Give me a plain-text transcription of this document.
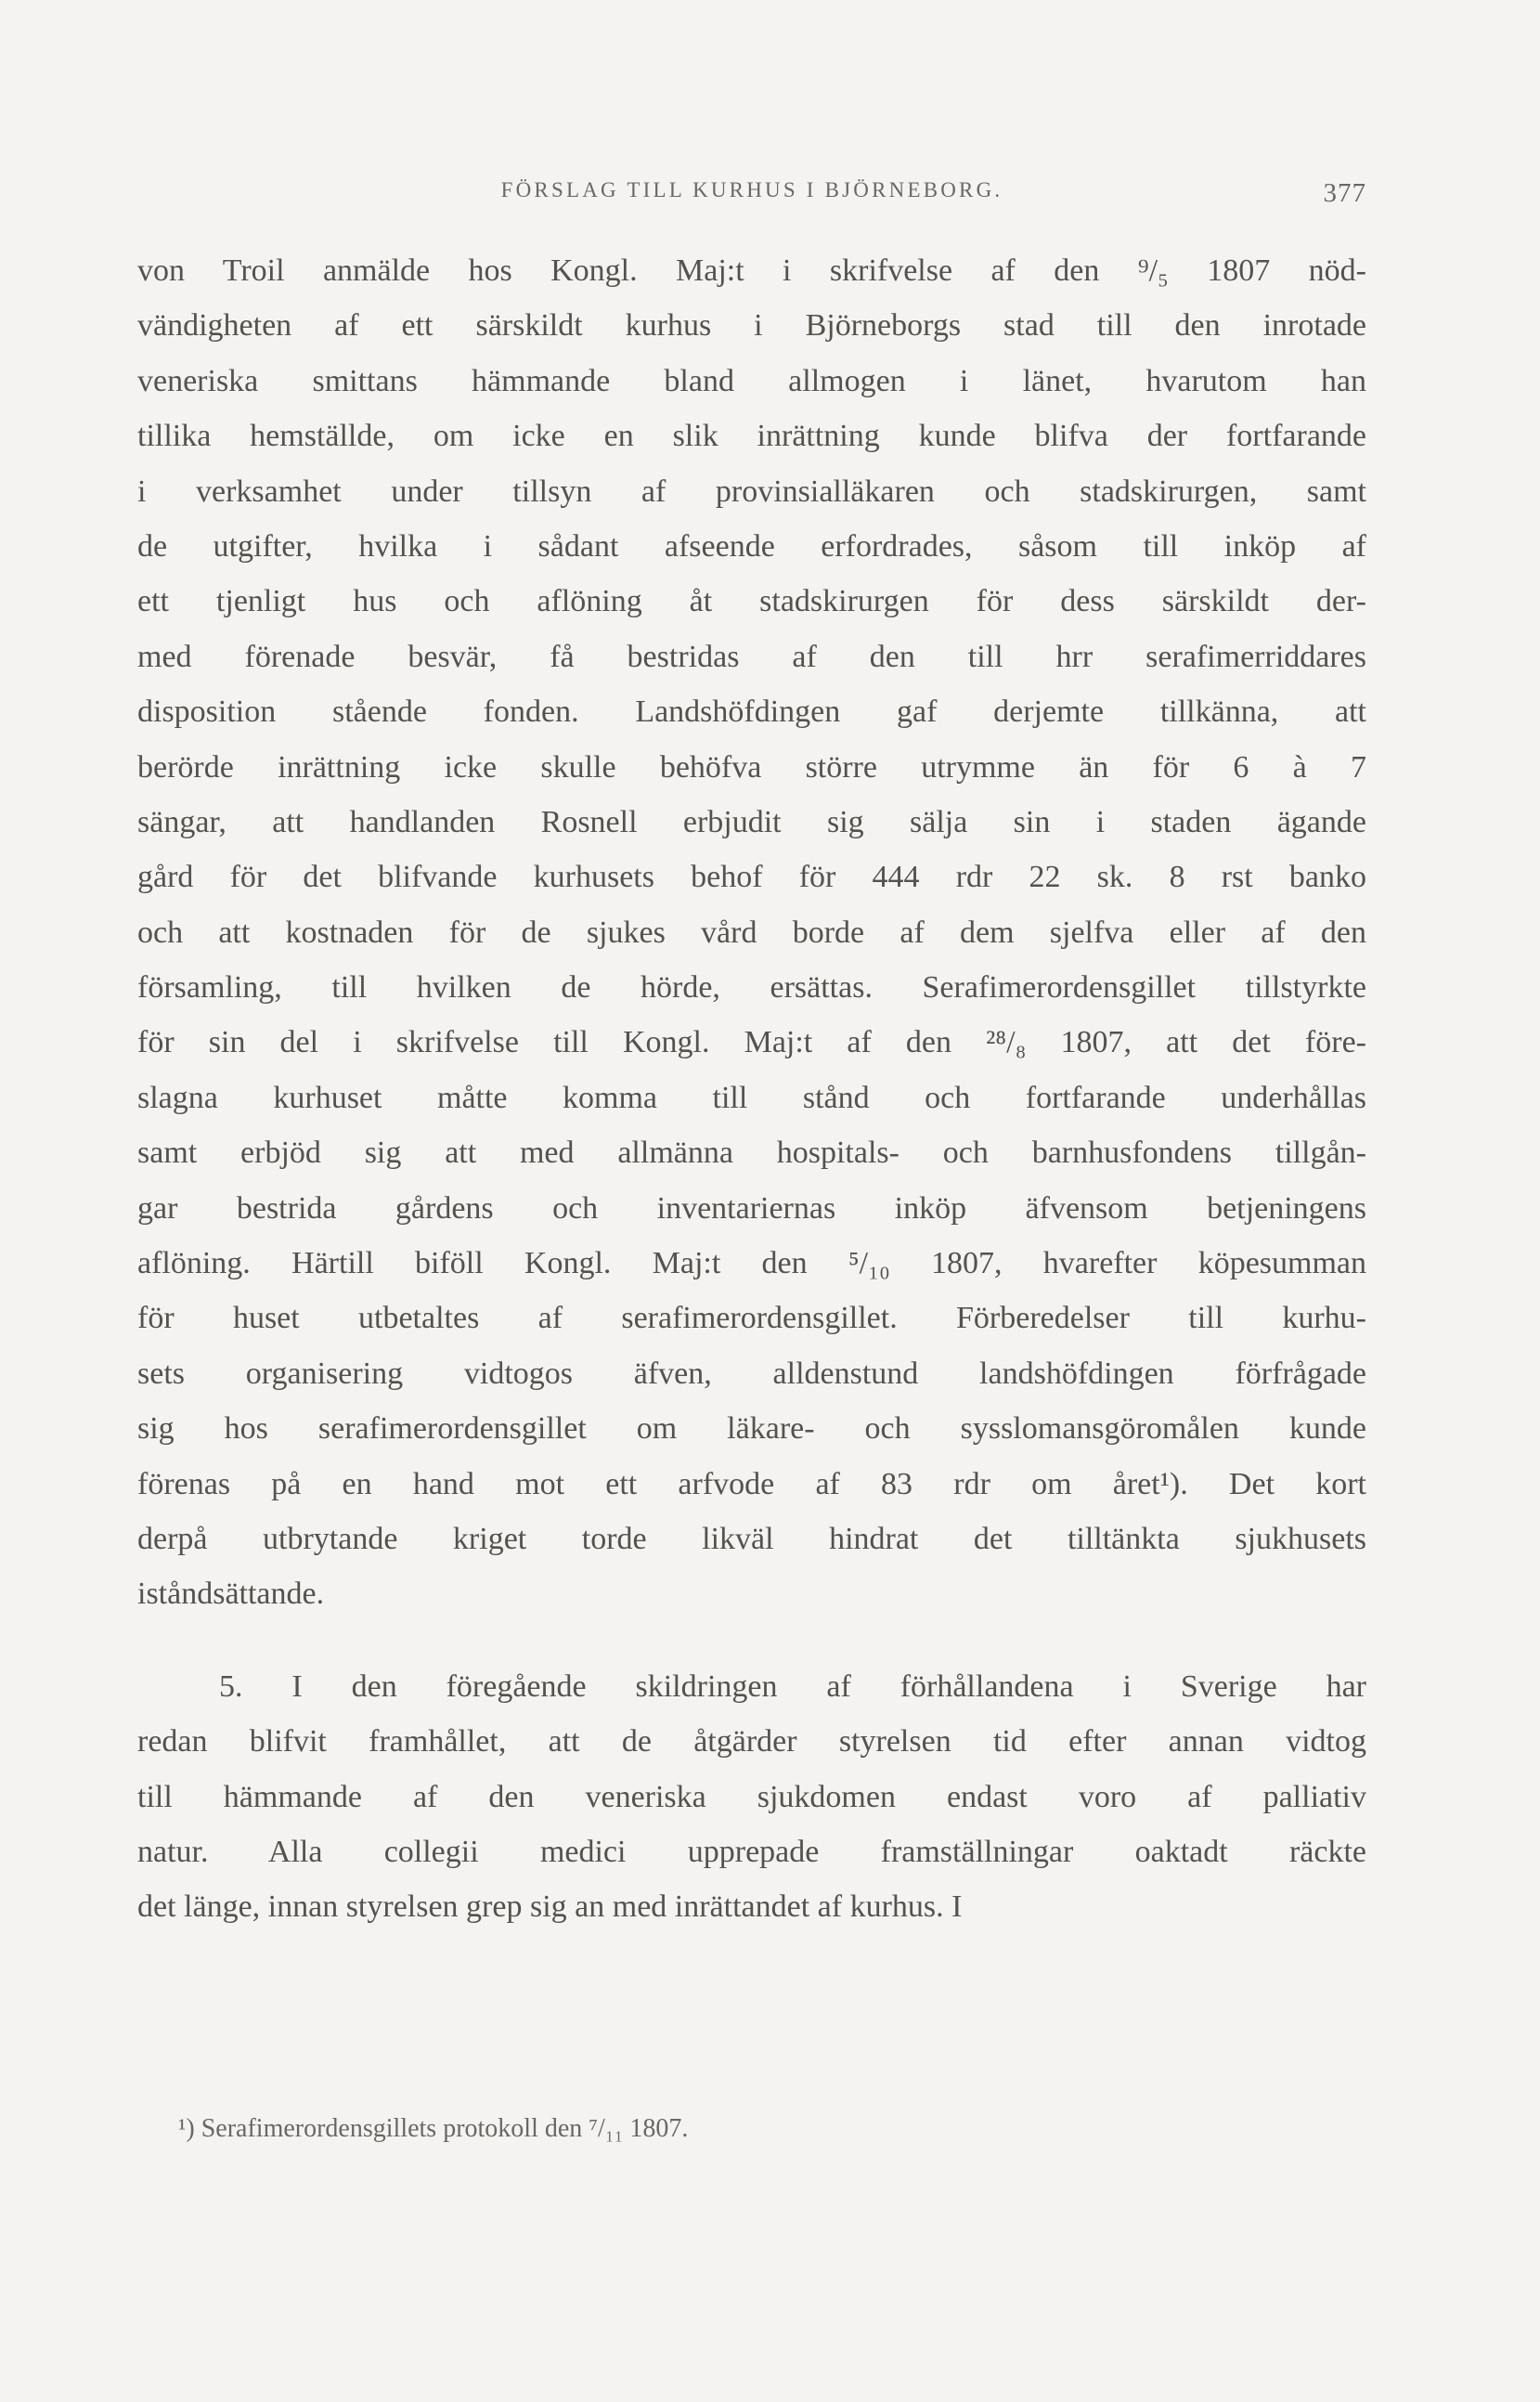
FÖRSLAG TILL KURHUS I BJÖRNEBORG.	377
von Troil anmälde hos Kongl. Maj:t i skrifvelse af den ⁹/₅ 1807 nöd-
vändigheten af ett särskildt kurhus i Björneborgs stad till den inrotade
veneriska smittans hämmande bland allmogen i länet, hvarutom han
tillika hemställde, om icke en slik inrättning kunde blifva der fortfarande
i verksamhet under tillsyn af provinsialläkaren och stadskirurgen, samt
de utgifter, hvilka i sådant afseende erfordrades, såsom till inköp af
ett tjenligt hus och aflöning åt stadskirurgen för dess särskildt der-
med förenade besvär, få bestridas af den till hrr serafimerriddares
disposition stående fonden. Landshöfdingen gaf derjemte tillkänna, att
berörde inrättning icke skulle behöfva större utrymme än för 6 à 7
sängar, att handlanden Rosnell erbjudit sig sälja sin i staden ägande
gård för det blifvande kurhusets behof för 444 rdr 22 sk. 8 rst banko
och att kostnaden för de sjukes vård borde af dem sjelfva eller af den
församling, till hvilken de hörde, ersättas. Serafimerordensgillet tillstyrkte
för sin del i skrifvelse till Kongl. Maj:t af den ²⁸/₈ 1807, att det före-
slagna kurhuset måtte komma till stånd och fortfarande underhållas
samt erbjöd sig att med allmänna hospitals- och barnhusfondens tillgån-
gar bestrida gårdens och inventariernas inköp äfvensom betjeningens
aflöning. Härtill biföll Kongl. Maj:t den ⁵/₁₀ 1807, hvarefter köpesumman
för huset utbetaltes af serafimerordensgillet. Förberedelser till kurhu-
sets organisering vidtogos äfven, alldenstund landshöfdingen förfrågade
sig hos serafimerordensgillet om läkare- och sysslomansgöromålen kunde
förenas på en hand mot ett arfvode af 83 rdr om året¹). Det kort
derpå utbrytande kriget torde likväl hindrat det tilltänkta sjukhusets
iståndsättande.
5. I den föregående skildringen af förhållandena i Sverige har
redan blifvit framhållet, att de åtgärder styrelsen tid efter annan vidtog
till hämmande af den veneriska sjukdomen endast voro af palliativ
natur. Alla collegii medici upprepade framställningar oaktadt räckte
det länge, innan styrelsen grep sig an med inrättandet af kurhus. I
¹) Serafimerordensgillets protokoll den ⁷/₁₁ 1807.
